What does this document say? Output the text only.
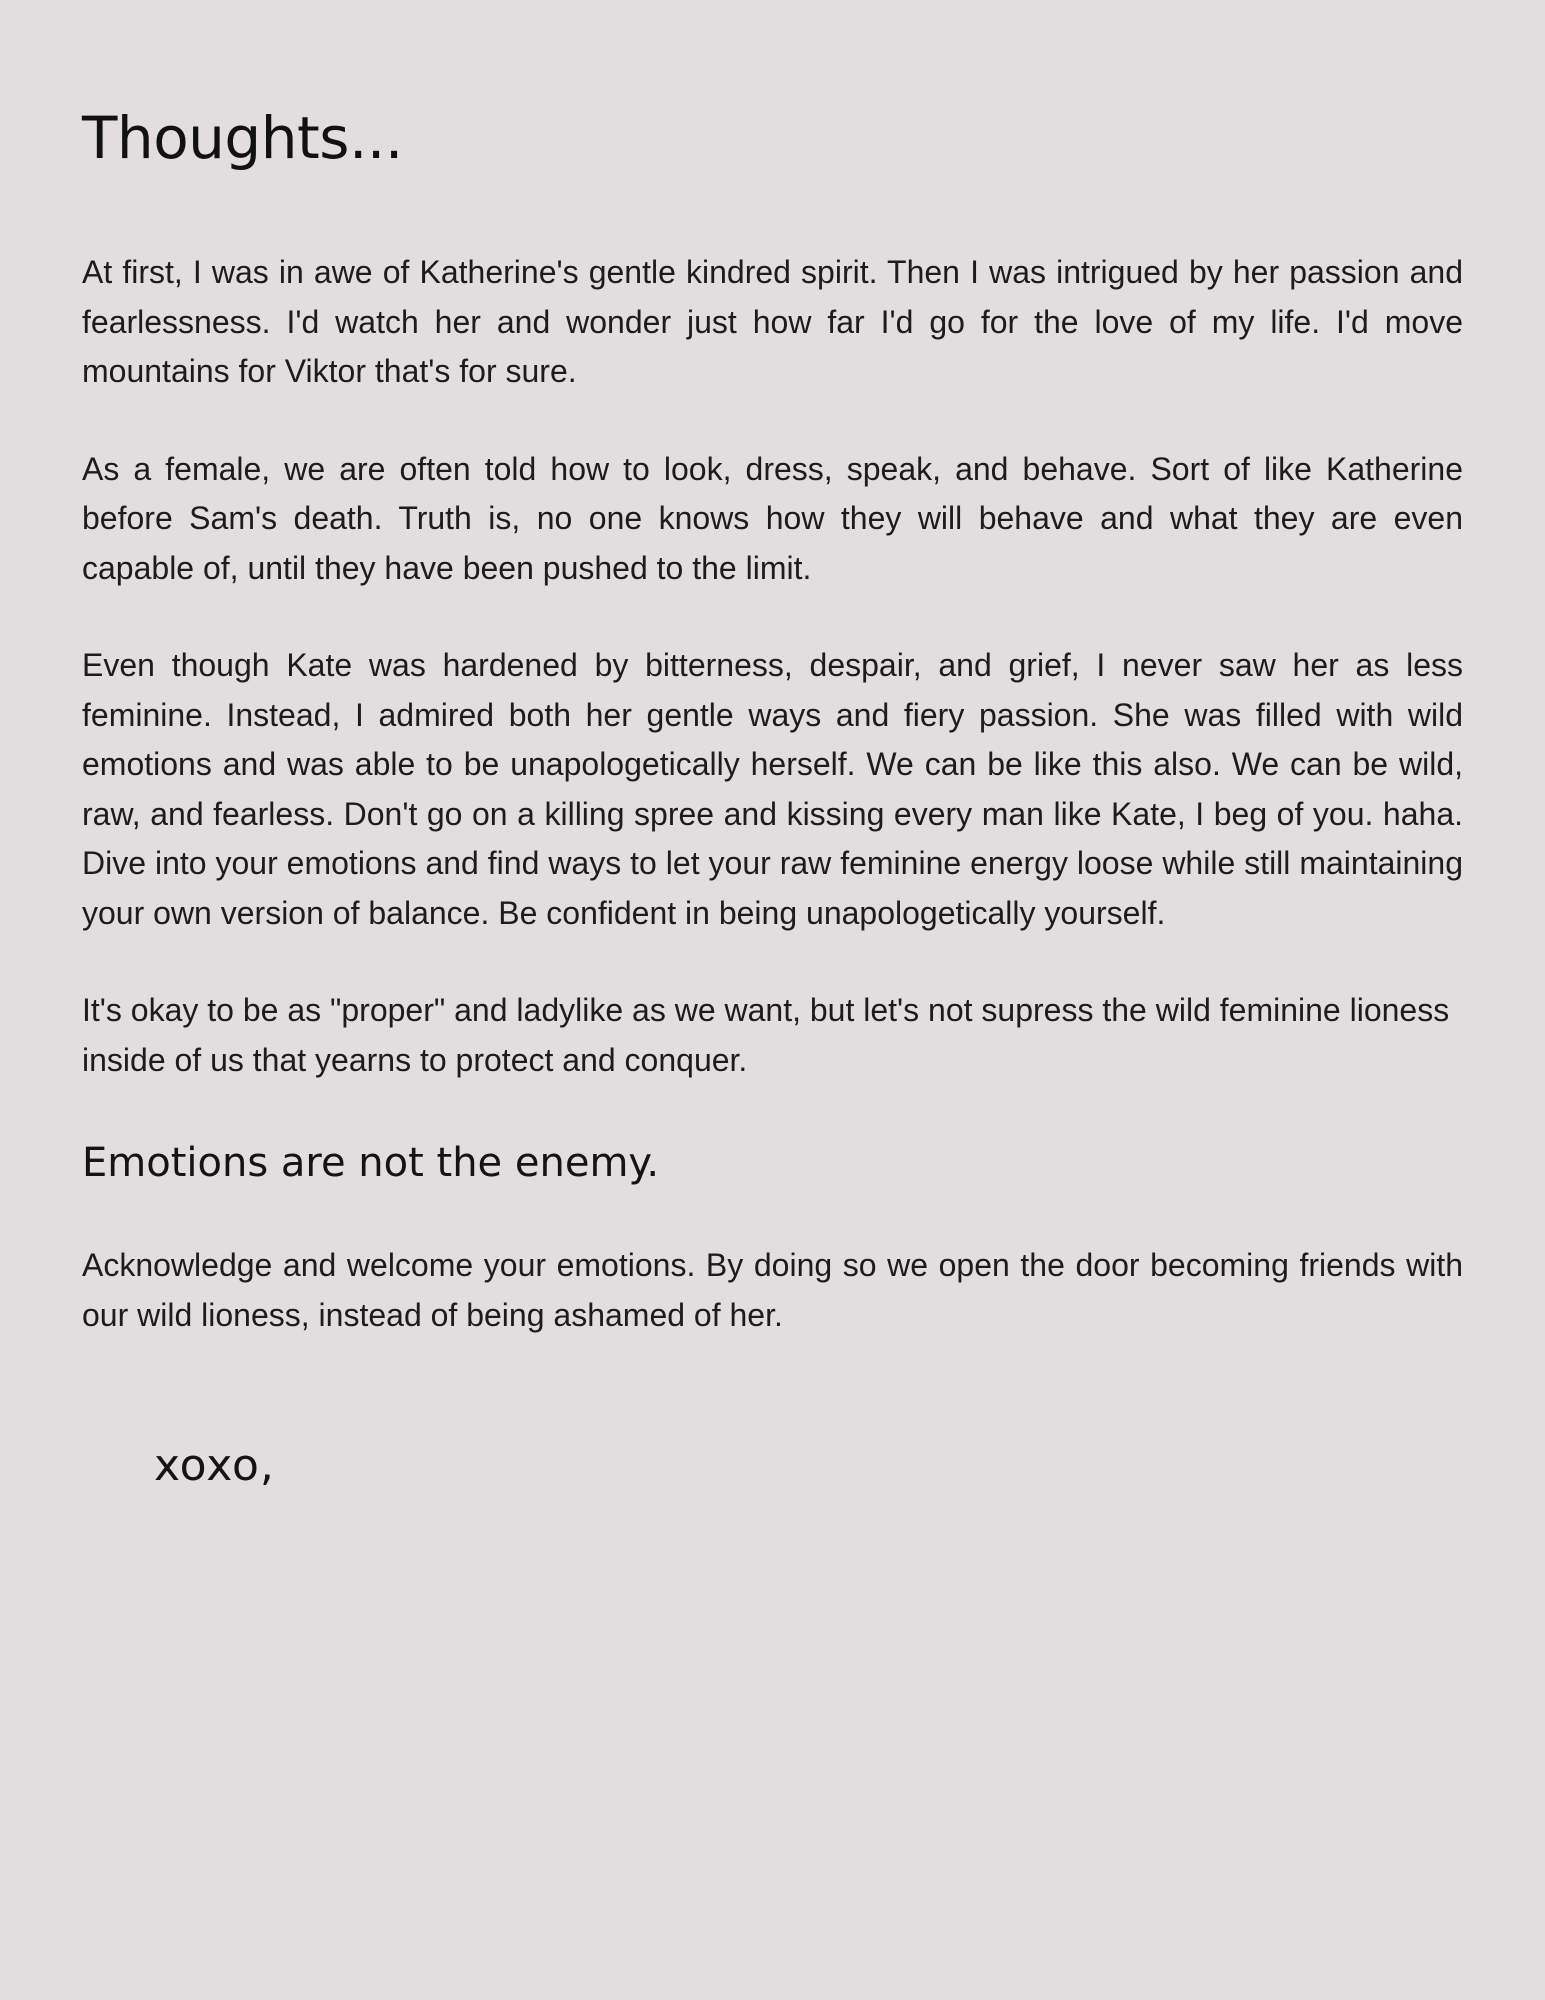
Thoughts...

At first, I was in awe of Katherine's gentle kindred spirit. Then I was intrigued by her passion and fearlessness. I'd watch her and wonder just how far I'd go for the love of my life. I'd move mountains for Viktor that's for sure.

As a female, we are often told how to look, dress, speak, and behave. Sort of like Katherine before Sam's death. Truth is, no one knows how they will behave and what they are even capable of, until they have been pushed to the limit.

Even though Kate was hardened by bitterness, despair, and grief, I never saw her as less feminine. Instead, I admired both her gentle ways and fiery passion. She was filled with wild emotions and was able to be unapologetically herself. We can be like this also. We can be wild, raw, and fearless. Don't go on a killing spree and kissing every man like Kate, I beg of you. haha. Dive into your emotions and find ways to let your raw feminine energy loose while still maintaining your own version of balance. Be confident in being unapologetically yourself.

It's okay to be as "proper" and ladylike as we want, but let's not supress the wild feminine lioness inside of us that yearns to protect and conquer.

Emotions are not the enemy.

Acknowledge and welcome your emotions. By doing so we open the door becoming friends with our wild lioness, instead of being ashamed of her.

xoxo,
